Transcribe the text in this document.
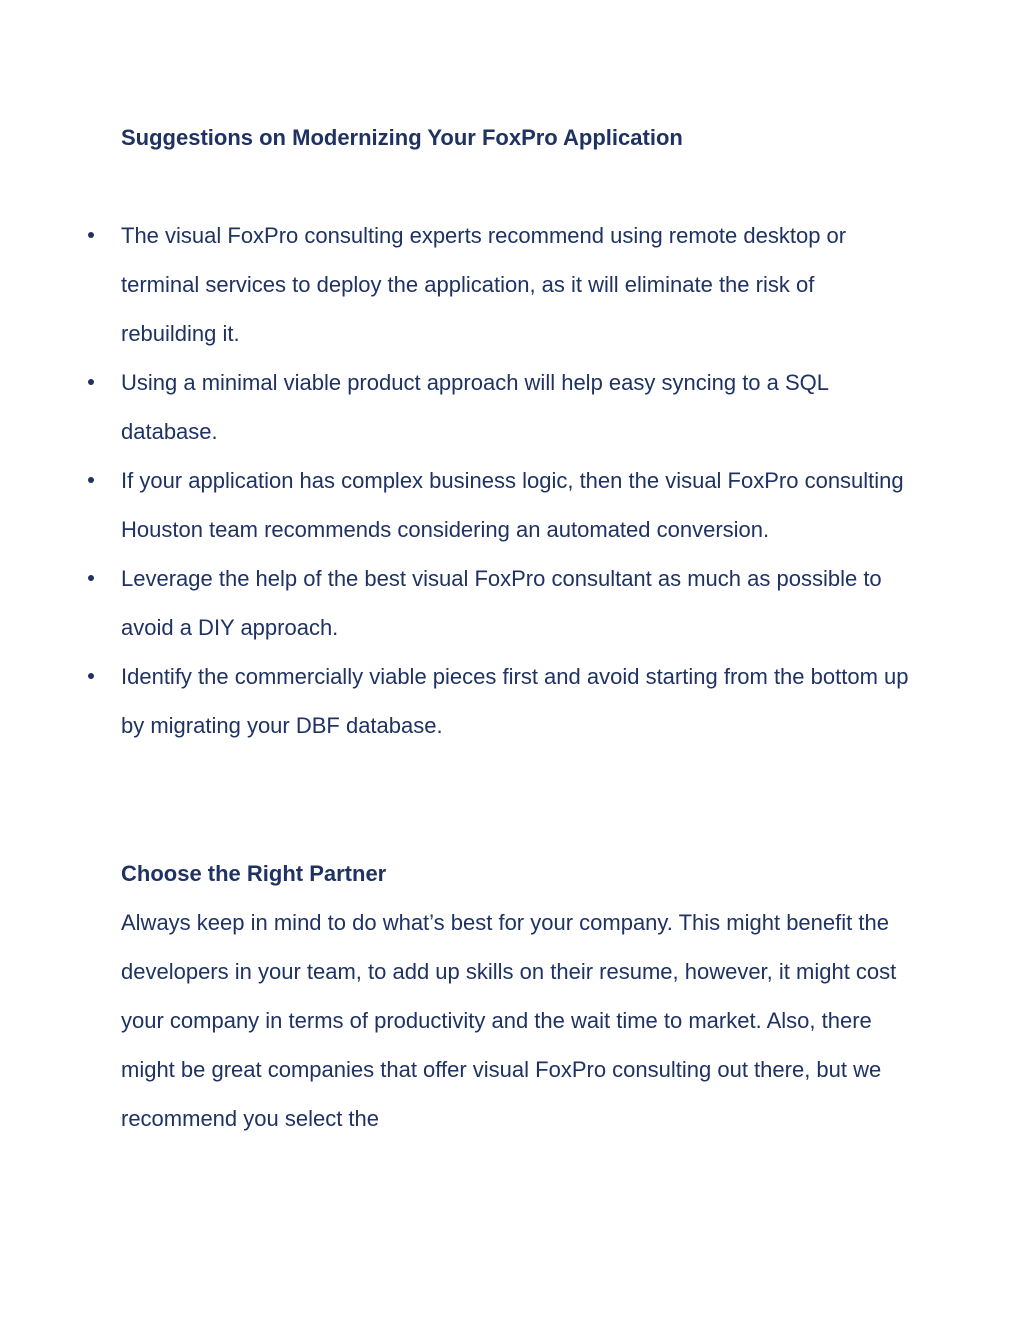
Suggestions on Modernizing Your FoxPro Application
The visual FoxPro consulting experts recommend using remote desktop or terminal services to deploy the application, as it will eliminate the risk of rebuilding it.
Using a minimal viable product approach will help easy syncing to a SQL database.
If your application has complex business logic, then the visual FoxPro consulting Houston team recommends considering an automated conversion.
Leverage the help of the best visual FoxPro consultant as much as possible to avoid a DIY approach.
Identify the commercially viable pieces first and avoid starting from the bottom up by migrating your DBF database.
Choose the Right Partner

Always keep in mind to do what’s best for your company. This might benefit the developers in your team, to add up skills on their resume, however, it might cost your company in terms of productivity and the wait time to market. Also, there might be great companies that offer visual FoxPro consulting out there, but we recommend you select the
